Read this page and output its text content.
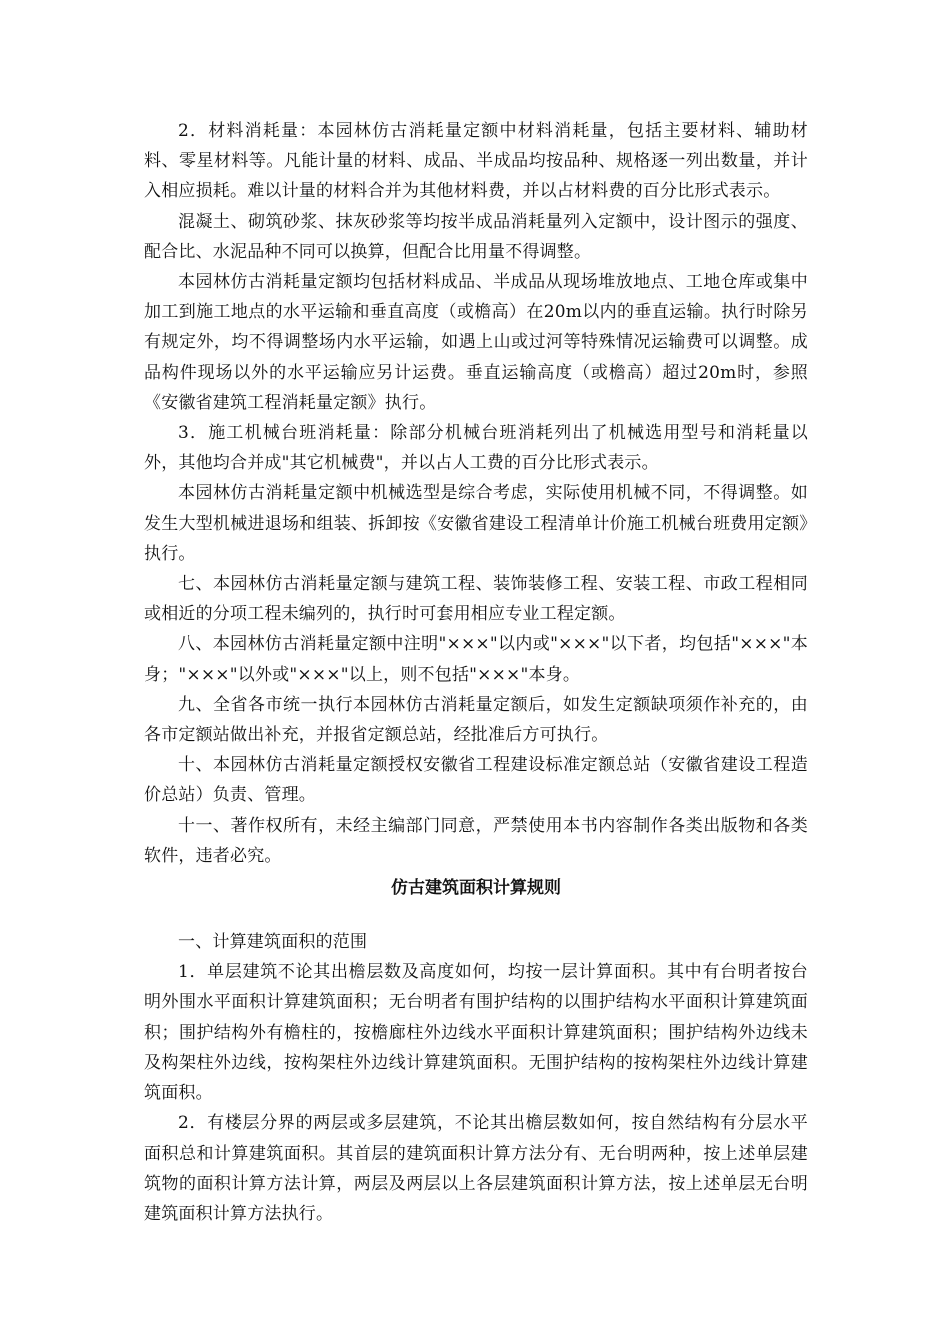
2．材料消耗量：本园林仿古消耗量定额中材料消耗量，包括主要材料、辅助材料、零星材料等。凡能计量的材料、成品、半成品均按品种、规格逐一列出数量，并计入相应损耗。难以计量的材料合并为其他材料费，并以占材料费的百分比形式表示。

混凝土、砌筑砂浆、抹灰砂浆等均按半成品消耗量列入定额中，设计图示的强度、配合比、水泥品种不同可以换算，但配合比用量不得调整。

本园林仿古消耗量定额均包括材料成品、半成品从现场堆放地点、工地仓库或集中加工到施工地点的水平运输和垂直高度（或檐高）在20m以内的垂直运输。执行时除另有规定外，均不得调整场内水平运输，如遇上山或过河等特殊情况运输费可以调整。成品构件现场以外的水平运输应另计运费。垂直运输高度（或檐高）超过20m时，参照《安徽省建筑工程消耗量定额》执行。

3．施工机械台班消耗量：除部分机械台班消耗列出了机械选用型号和消耗量以外，其他均合并成"其它机械费"，并以占人工费的百分比形式表示。

本园林仿古消耗量定额中机械选型是综合考虑，实际使用机械不同，不得调整。如发生大型机械进退场和组装、拆卸按《安徽省建设工程清单计价施工机械台班费用定额》执行。

七、本园林仿古消耗量定额与建筑工程、装饰装修工程、安装工程、市政工程相同或相近的分项工程未编列的，执行时可套用相应专业工程定额。

八、本园林仿古消耗量定额中注明"×××"以内或"×××"以下者，均包括"×××"本身；"×××"以外或"×××"以上，则不包括"×××"本身。

九、全省各市统一执行本园林仿古消耗量定额后，如发生定额缺项须作补充的，由各市定额站做出补充，并报省定额总站，经批准后方可执行。

十、本园林仿古消耗量定额授权安徽省工程建设标准定额总站（安徽省建设工程造价总站）负责、管理。

十一、著作权所有，未经主编部门同意，严禁使用本书内容制作各类出版物和各类软件，违者必究。

仿古建筑面积计算规则

一、计算建筑面积的范围

1．单层建筑不论其出檐层数及高度如何，均按一层计算面积。其中有台明者按台明外围水平面积计算建筑面积；无台明者有围护结构的以围护结构水平面积计算建筑面积；围护结构外有檐柱的，按檐廊柱外边线水平面积计算建筑面积；围护结构外边线未及构架柱外边线，按构架柱外边线计算建筑面积。无围护结构的按构架柱外边线计算建筑面积。

2．有楼层分界的两层或多层建筑，不论其出檐层数如何，按自然结构有分层水平面积总和计算建筑面积。其首层的建筑面积计算方法分有、无台明两种，按上述单层建筑物的面积计算方法计算，两层及两层以上各层建筑面积计算方法，按上述单层无台明建筑面积计算方法执行。
